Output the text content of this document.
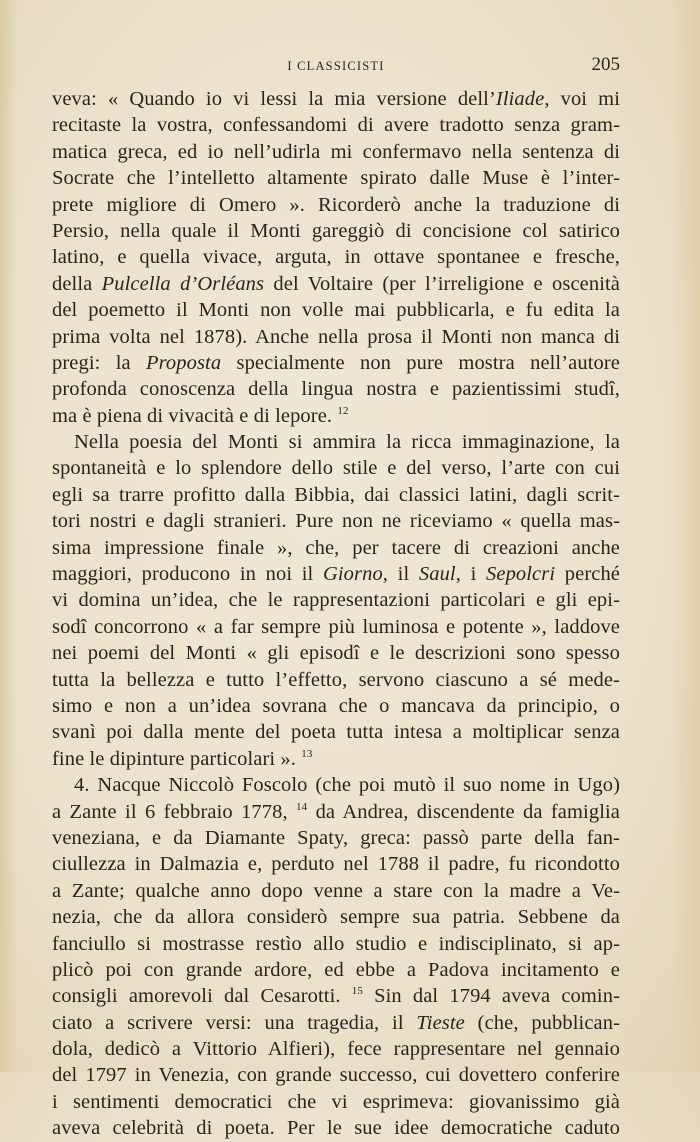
I CLASSICISTI	205
veva: « Quando io vi lessi la mia versione dell’Iliade, voi mi
recitaste la vostra, confessandomi di avere tradotto senza gram-
matica greca, ed io nell’udirla mi confermavo nella sentenza di
Socrate che l’intelletto altamente spirato dalle Muse è l’inter-
prete migliore di Omero ». Ricorderò anche la traduzione di
Persio, nella quale il Monti gareggiò di concisione col satirico
latino, e quella vivace, arguta, in ottave spontanee e fresche,
della Pulcella d’Orléans del Voltaire (per l’irreligione e oscenità
del poemetto il Monti non volle mai pubblicarla, e fu edita la
prima volta nel 1878). Anche nella prosa il Monti non manca di
pregi: la Proposta specialmente non pure mostra nell’autore
profonda conoscenza della lingua nostra e pazientissimi studî,
ma è piena di vivacità e di lepore. $^{12}$
Nella poesia del Monti si ammira la ricca immaginazione, la
spontaneità e lo splendore dello stile e del verso, l’arte con cui
egli sa trarre profitto dalla Bibbia, dai classici latini, dagli scrit-
tori nostri e dagli stranieri. Pure non ne riceviamo « quella mas-
sima impressione finale », che, per tacere di creazioni anche
maggiori, producono in noi il Giorno, il Saul, i Sepolcri perché
vi domina un’idea, che le rappresentazioni particolari e gli epi-
sodî concorrono « a far sempre più luminosa e potente », laddove
nei poemi del Monti « gli episodî e le descrizioni sono spesso
tutta la bellezza e tutto l’effetto, servono ciascuno a sé mede-
simo e non a un’idea sovrana che o mancava da principio, o
svanì poi dalla mente del poeta tutta intesa a moltiplicar senza
fine le dipinture particolari ». $^{13}$
4. Nacque Niccolò Foscolo (che poi mutò il suo nome in Ugo)
a Zante il 6 febbraio 1778, $^{14}$ da Andrea, discendente da famiglia
veneziana, e da Diamante Spaty, greca: passò parte della fan-
ciullezza in Dalmazia e, perduto nel 1788 il padre, fu ricondotto
a Zante; qualche anno dopo venne a stare con la madre a Ve-
nezia, che da allora considerò sempre sua patria. Sebbene da
fanciullo si mostrasse restìo allo studio e indisciplinato, si ap-
plicò poi con grande ardore, ed ebbe a Padova incitamento e
consigli amorevoli dal Cesarotti. $^{15}$ Sin dal 1794 aveva comin-
ciato a scrivere versi: una tragedia, il Tieste (che, pubblican-
dola, dedicò a Vittorio Alfieri), fece rappresentare nel gennaio
del 1797 in Venezia, con grande successo, cui dovettero conferire
i sentimenti democratici che vi esprimeva: giovanissimo già
aveva celebrità di poeta. Per le sue idee democratiche caduto
